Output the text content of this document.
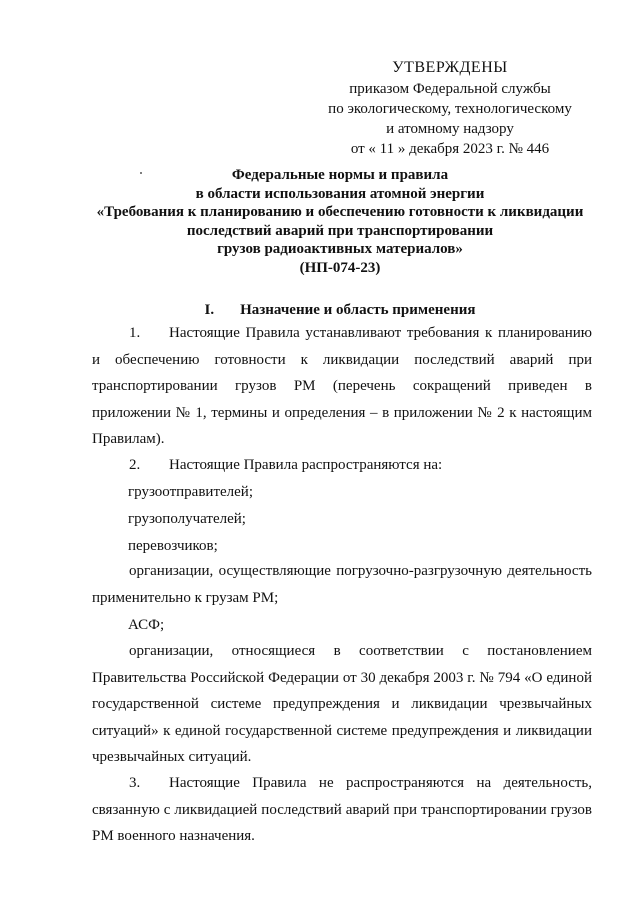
УТВЕРЖДЕНЫ
приказом Федеральной службы
по экологическому, технологическому
и атомному надзору
от « 11 » декабря 2023 г. № 446
Федеральные нормы и правила
в области использования атомной энергии
«Требования к планированию и обеспечению готовности к ликвидации
последствий аварий при транспортировании
грузов радиоактивных материалов»
(НП-074-23)
I. Назначение и область применения
1. Настоящие Правила устанавливают требования к планированию и обеспечению готовности к ликвидации последствий аварий при транспортировании грузов РМ (перечень сокращений приведен в приложении № 1, термины и определения – в приложении № 2 к настоящим Правилам).
2. Настоящие Правила распространяются на:
грузоотправителей;
грузополучателей;
перевозчиков;
организации, осуществляющие погрузочно-разгрузочную деятельность применительно к грузам РМ;
АСФ;
организации, относящиеся в соответствии с постановлением Правительства Российской Федерации от 30 декабря 2003 г. № 794 «О единой государственной системе предупреждения и ликвидации чрезвычайных ситуаций» к единой государственной системе предупреждения и ликвидации чрезвычайных ситуаций.
3. Настоящие Правила не распространяются на деятельность, связанную с ликвидацией последствий аварий при транспортировании грузов РМ военного назначения.
